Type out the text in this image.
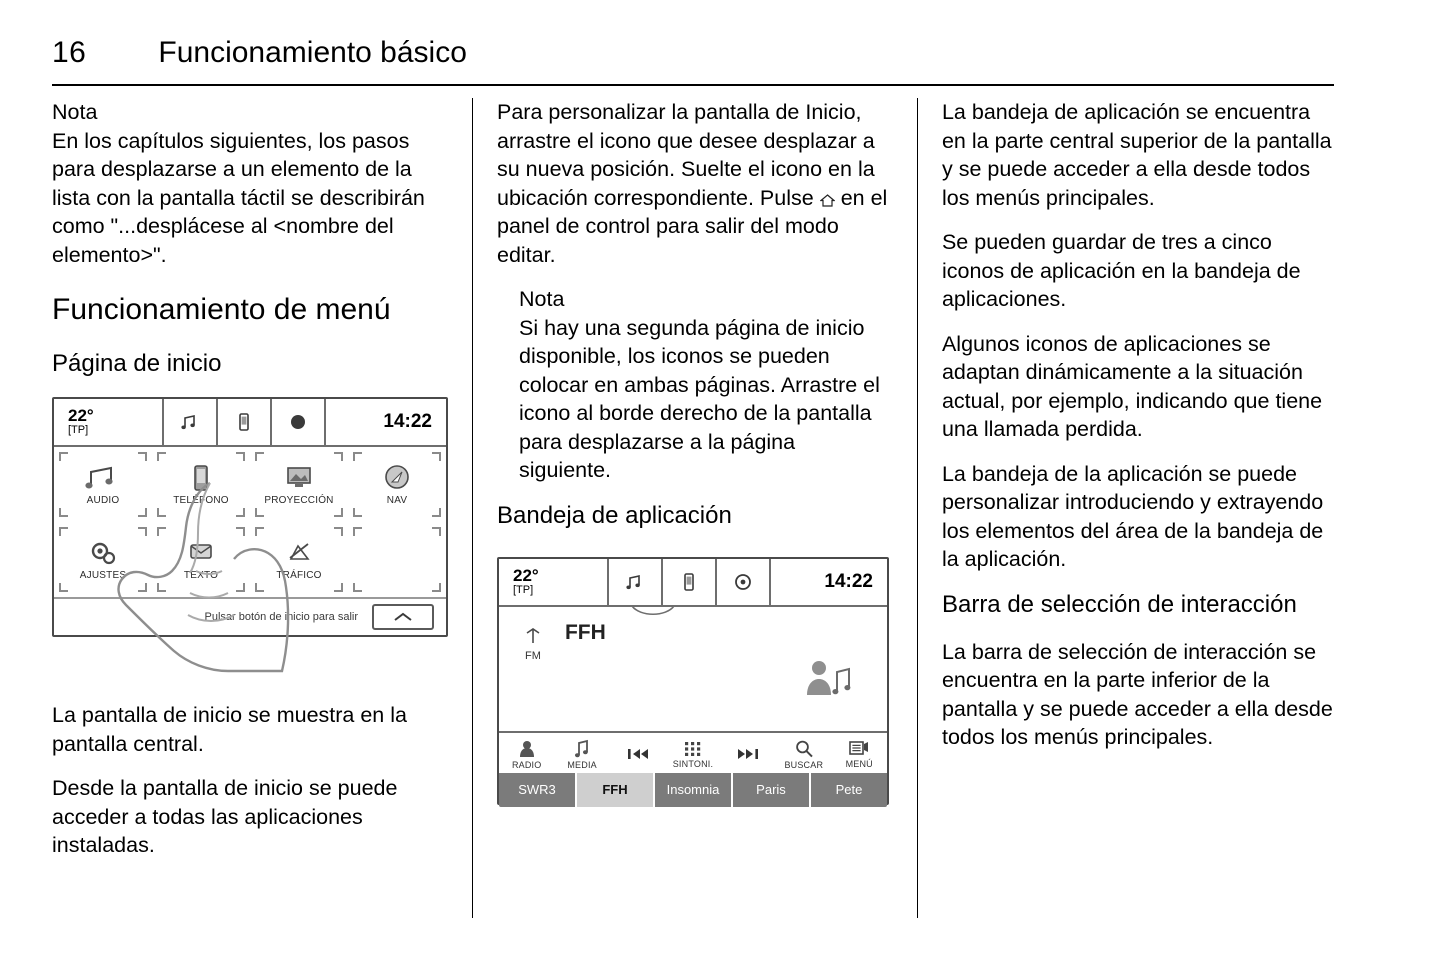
16 Funcionamiento básico

Nota

En los capítulos siguientes, los pasos para desplazarse a un elemento de la lista con la pantalla táctil se describirán como "...desplácese al <nombre del elemento>".

Funcionamiento de menú
Página de inicio
22°
[TP]	14:22
AUDIO	TELÉFONO	PROYECCIÓN	NAV
AJUSTES	TEXTO	TRÁFICO
Pulsar botón de inicio para salir

La pantalla de inicio se muestra en la pantalla central.

Desde la pantalla de inicio se puede acceder a todas las aplicaciones instaladas.

Para personalizar la pantalla de Inicio, arrastre el icono que desee desplazar a su nueva posición. Suelte el icono en la ubicación correspondiente. Pulse en el panel de control para salir del modo editar.

Nota

Si hay una segunda página de inicio disponible, los iconos se pueden colocar en ambas páginas. Arrastre el icono al borde derecho de la pantalla para desplazarse a la página siguiente.

Bandeja de aplicación
22°
[TP]	14:22
FM
FFH
RADIO	MEDIA	SINTONI.	BUSCAR MENÚ
SWR3	FFH	Insomnia	Paris	Pete

La bandeja de aplicación se encuentra en la parte central superior de la pantalla y se puede acceder a ella desde todos los menús principales.

Se pueden guardar de tres a cinco iconos de aplicación en la bandeja de aplicaciones.

Algunos iconos de aplicaciones se adaptan dinámicamente a la situación actual, por ejemplo, indicando que tiene una llamada perdida.

La bandeja de la aplicación se puede personalizar introduciendo y extrayendo los elementos del área de la bandeja de la aplicación.

Barra de selección de interacción

La barra de selección de interacción se encuentra en la parte inferior de la pantalla y se puede acceder a ella desde todos los menús principales.
